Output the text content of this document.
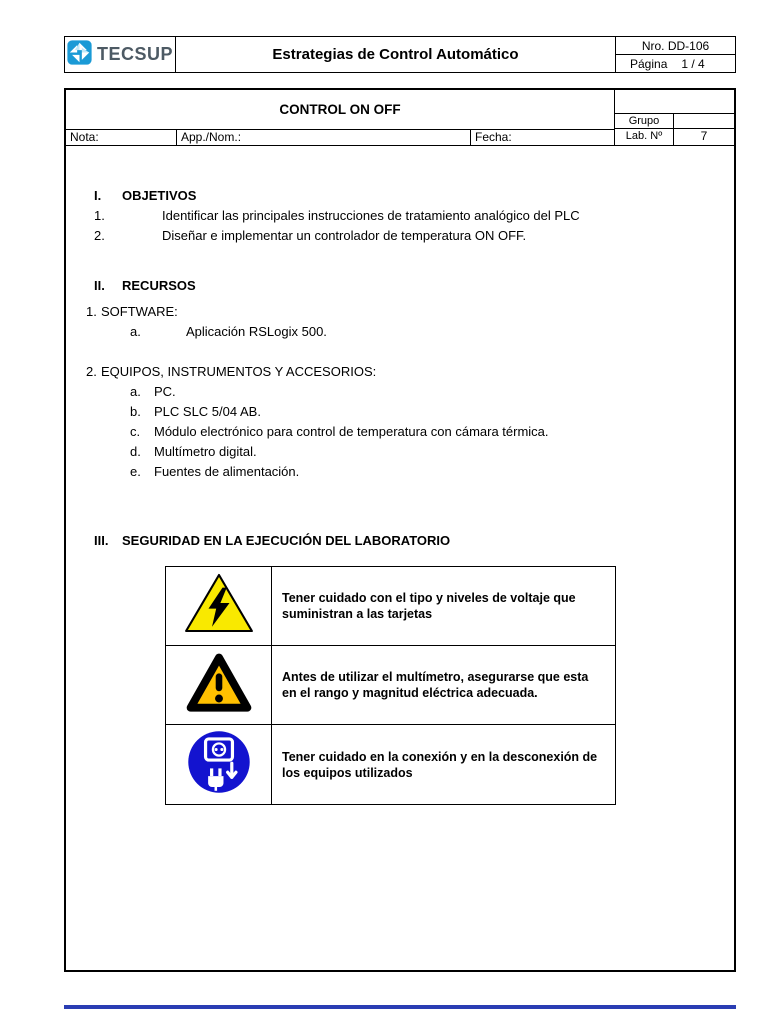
TECSUP	Estrategias de Control Automático
Nro. DD-106
Página 1 / 4
CONTROL ON OFF
Nota:	App./Nom.:	Fecha:
Grupo
Lab. Nº	7
I.	OBJETIVOS
1.	Identificar las principales instrucciones de tratamiento analógico del PLC
2.	Diseñar e implementar un controlador de temperatura ON OFF.
II.	RECURSOS
1. SOFTWARE:
a.	Aplicación RSLogix 500.
2. EQUIPOS, INSTRUMENTOS Y ACCESORIOS:
a.	PC.
b.	PLC SLC 5/04 AB.
c.	Módulo electrónico para control de temperatura con cámara térmica.
d.	Multímetro digital.
e.	Fuentes de alimentación.
III.	SEGURIDAD EN LA EJECUCIÓN DEL LABORATORIO
Tener cuidado con el tipo y niveles de voltaje que suministran a las tarjetas
Antes de utilizar el multímetro, asegurarse que esta en el rango y magnitud eléctrica adecuada.
Tener cuidado en la conexión y en la desconexión de los equipos utilizados
